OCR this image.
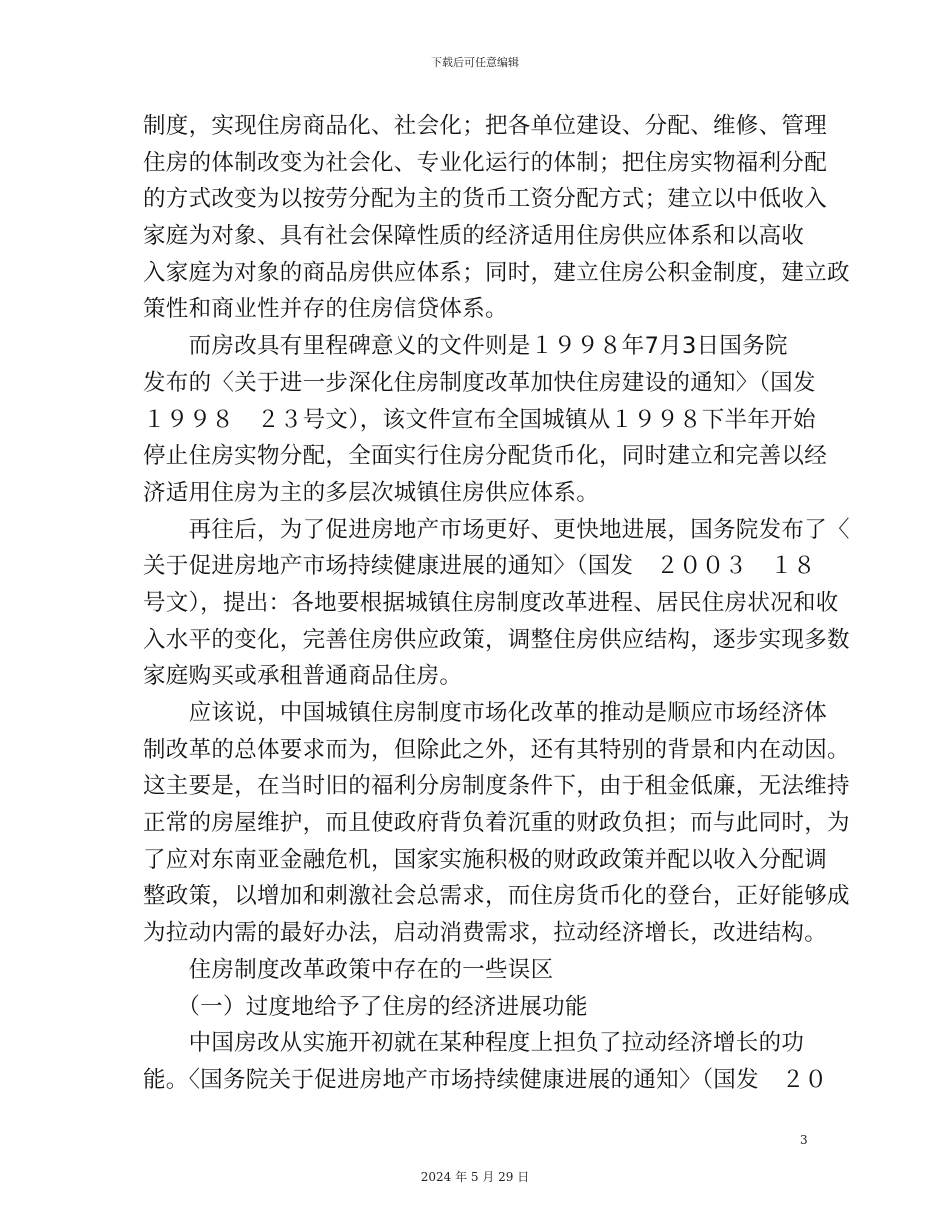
下载后可任意编辑
制度，实现住房商品化、社会化；把各单位建设、分配、维修、管理
住房的体制改变为社会化、专业化运行的体制；把住房实物福利分配
的方式改变为以按劳分配为主的货币工资分配方式；建立以中低收入
家庭为对象、具有社会保障性质的经济适用住房供应体系和以高收
入家庭为对象的商品房供应体系；同时，建立住房公积金制度，建立政
策性和商业性并存的住房信贷体系。
　　而房改具有里程碑意义的文件则是１９９８年7月3日国务院
发布的〈关于进一步深化住房制度改革加快住房建设的通知〉（国发
１９９８　２３号文），该文件宣布全国城镇从１９９８下半年开始
停止住房实物分配，全面实行住房分配货币化，同时建立和完善以经
济适用住房为主的多层次城镇住房供应体系。
　　再往后，为了促进房地产市场更好、更快地进展，国务院发布了〈
关于促进房地产市场持续健康进展的通知〉（国发　２００３　１８
号文），提出：各地要根据城镇住房制度改革进程、居民住房状况和收
入水平的变化，完善住房供应政策，调整住房供应结构，逐步实现多数
家庭购买或承租普通商品住房。
　　应该说，中国城镇住房制度市场化改革的推动是顺应市场经济体
制改革的总体要求而为，但除此之外，还有其特别的背景和内在动因。
这主要是，在当时旧的福利分房制度条件下，由于租金低廉，无法维持
正常的房屋维护，而且使政府背负着沉重的财政负担；而与此同时，为
了应对东南亚金融危机，国家实施积极的财政政策并配以收入分配调
整政策，以增加和刺激社会总需求，而住房货币化的登台，正好能够成
为拉动内需的最好办法，启动消费需求，拉动经济增长，改进结构。
　　住房制度改革政策中存在的一些误区
　　（一）过度地给予了住房的经济进展功能
　　中国房改从实施开初就在某种程度上担负了拉动经济增长的功
能。〈国务院关于促进房地产市场持续健康进展的通知〉（国发　２０
3
2024 年 5 月 29 日
